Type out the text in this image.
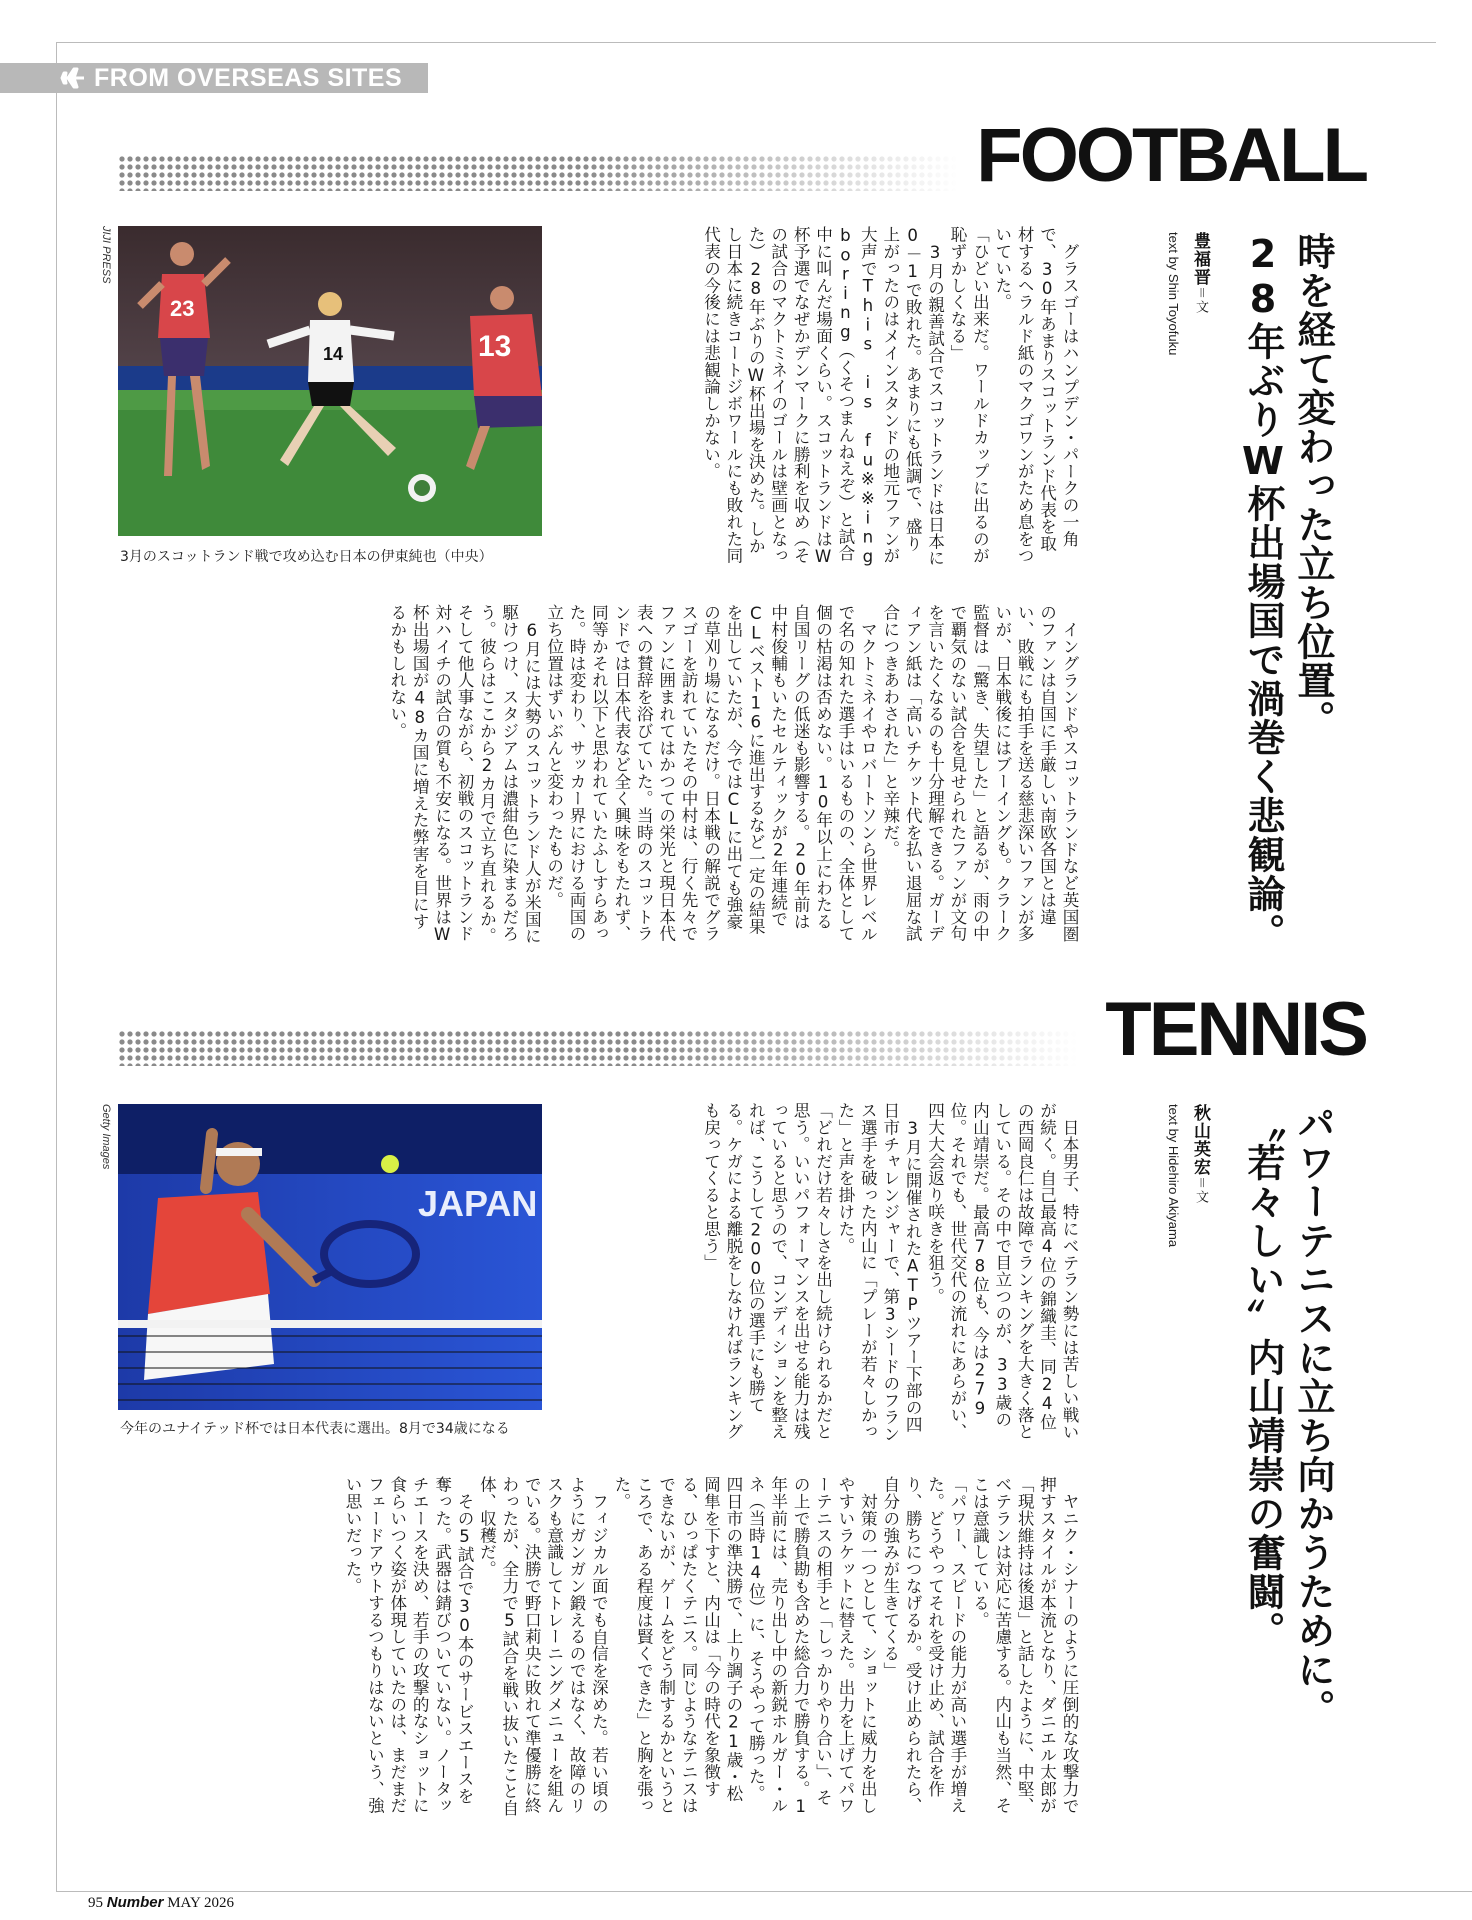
FROM OVERSEAS SITES
FOOTBALL
時を経て変わった立ち位置。
28年ぶりW杯出場国で渦巻く悲観論。
豊福晋＝文
text by Shin Toyofuku

グラスゴーはハンプデン・パークの一角で、30年あまりスコットランド代表を取材するヘラルド紙のマクゴワンがため息をついていた。

「ひどい出来だ。ワールドカップに出るのが恥ずかしくなる」

3月の親善試合でスコットランドは日本に0－1で敗れた。あまりにも低調で、盛り上がったのはメインスタンドの地元ファンが大声でThis is fu※※ing boring（くそつまんねえぞ）と試合中に叫んだ場面くらい。スコットランドはW杯予選でなぜかデンマークに勝利を収め（その試合のマクトミネイのゴールは壁画となった）28年ぶりのW杯出場を決めた。しかし日本に続きコートジボワールにも敗れた同代表の今後には悲観論しかない。

イングランドやスコットランドなど英国圏のファンは自国に手厳しい南欧各国とは違い、敗戦にも拍手を送る慈悲深いファンが多いが、日本戦後にはブーイングも。クラーク監督は「驚き、失望した」と語るが、雨の中で覇気のない試合を見せられたファンが文句を言いたくなるのも十分理解できる。ガーディアン紙は「高いチケット代を払い退屈な試合につきあわされた」と辛辣だ。

マクトミネイやロバートソンら世界レベルで名の知れた選手はいるものの、全体として個の枯渇は否めない。10年以上にわたる自国リーグの低迷も影響する。20年前は中村俊輔もいたセルティックが2年連続でCLベスト16に進出するなど一定の結果を出していたが、今ではCLに出ても強豪の草刈り場になるだけ。日本戦の解説でグラスゴーを訪れていたその中村は、行く先々でファンに囲まれてはかつての栄光と現日本代表への賛辞を浴びていた。当時のスコットランドでは日本代表など全く興味をもたれず、同等かそれ以下と思われていたふしすらあった。時は変わり、サッカー界における両国の立ち位置はずいぶんと変わったものだ。

6月には大勢のスコットランド人が米国に駆けつけ、スタジアムは濃紺色に染まるだろう。彼らはここから2カ月で立ち直れるか。そして他人事ながら、初戦のスコットランド対ハイチの試合の質も不安になる。世界はW杯出場国が48カ国に増えた弊害を目にするかもしれない。

23
14	13
JIJI PRESS
3月のスコットランド戦で攻め込む日本の伊東純也（中央）
TENNIS
パワーテニスに立ち向かうために。
〝若々しい〟内山靖崇の奮闘。
秋山英宏＝文
text by Hidehiro Akiyama

日本男子、特にベテラン勢には苦しい戦いが続く。自己最高4位の錦織圭、同24位の西岡良仁は故障でランキングを大きく落としている。その中で目立つのが、33歳の内山靖崇だ。最高78位も、今は279位。それでも、世代交代の流れにあらがい、四大大会返り咲きを狙う。

3月に開催されたATPツアー下部の四日市チャレンジャーで、第3シードのフランス選手を破った内山に「プレーが若々しかった」と声を掛けた。

「どれだけ若々しさを出し続けられるかだと思う。いいパフォーマンスを出せる能力は残っていると思うので、コンディションを整えれば、こうして200位の選手にも勝てる。ケガによる離脱をしなければランキングも戻ってくると思う」

ヤニク・シナーのように圧倒的な攻撃力で押すスタイルが本流となり、ダニエル太郎が「現状維持は後退」と話したように、中堅、ベテランは対応に苦慮する。内山も当然、そこは意識している。

「パワー、スピードの能力が高い選手が増えた。どうやってそれを受け止め、試合を作り、勝ちにつなげるか。受け止められたら、自分の強みが生きてくる」

対策の一つとして、ショットに威力を出しやすいラケットに替えた。出力を上げてパワーテニスの相手と「しっかりやり合い」、その上で勝負勘も含めた総合力で勝負する。1年半前には、売り出し中の新鋭ホルガー・ルネ（当時14位）に、そうやって勝った。四日市の準決勝で、上り調子の21歳・松岡隼を下すと、内山は「今の時代を象徴する、ひっぱたくテニス。同じようなテニスはできないが、ゲームをどう制するかというところで、ある程度は賢くできた」と胸を張った。

フィジカル面でも自信を深めた。若い頃のようにガンガン鍛えるのではなく、故障のリスクも意識してトレーニングメニューを組んでいる。決勝で野口莉央に敗れて準優勝に終わったが、全力で5試合を戦い抜いたこと自体、収穫だ。

その5試合で30本のサービスエースを奪った。武器は錆びついていない。ノータッチエースを決め、若手の攻撃的なショットに食らいつく姿が体現していたのは、まだまだフェードアウトするつもりはないという、強い思いだった。

JAPAN
Getty Images
今年のユナイテッド杯では日本代表に選出。8月で34歳になる
95 Number MAY 2026
